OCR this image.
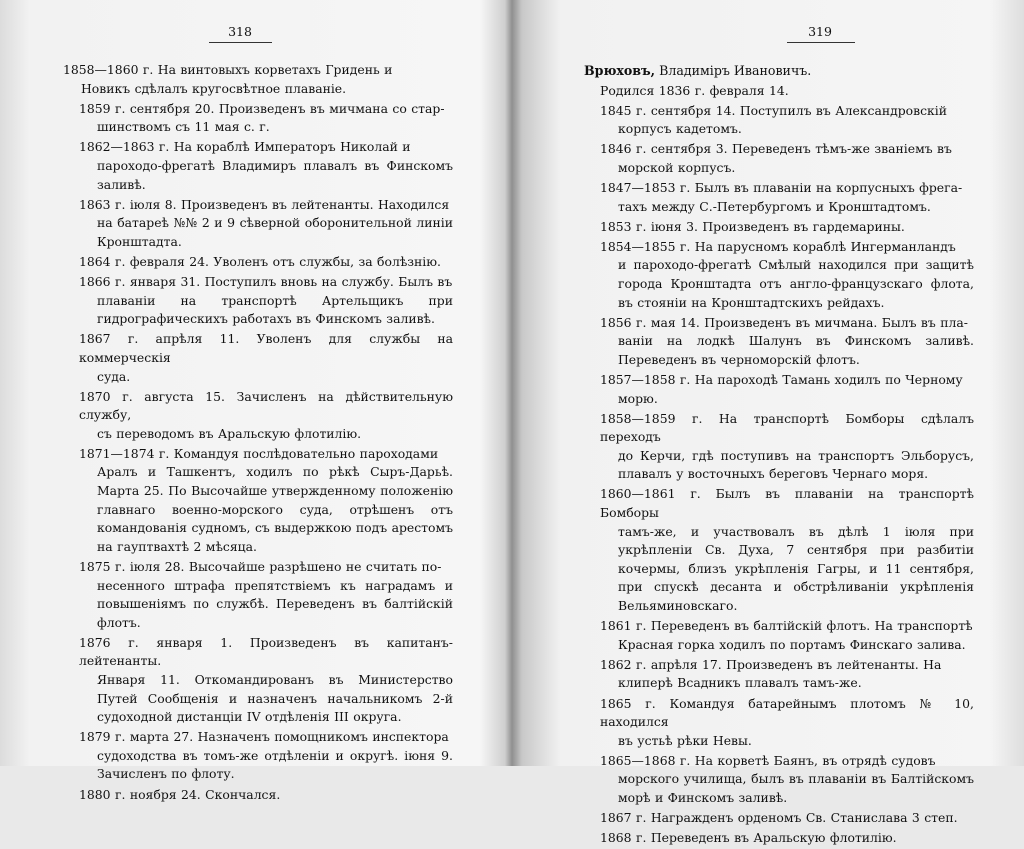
318

1858—1860 г. На винтовыхъ корветахъ Гридень и
Новикъ сдѣлалъ кругосвѣтное плаваніе.

1859 г. сентября 20. Произведенъ въ мичмана со стар-
шинствомъ съ 11 мая с. г.

1862—1863 г. На кораблѣ Императоръ Николай и
пароходо-фрегатѣ Владимиръ плавалъ въ Финскомъ заливѣ.

1863 г. іюля 8. Произведенъ въ лейтенанты. Находился
на батареѣ №№ 2 и 9 сѣверной оборонительной линіи Кронштадта.

1864 г. февраля 24. Уволенъ отъ службы, за болѣзнію.

1866 г. января 31. Поступилъ вновь на службу. Былъ въ
плаваніи на транспортѣ Артельщикъ при гидрографическихъ работахъ въ Финскомъ заливѣ.

1867 г. апрѣля 11. Уволенъ для службы на коммерческія
суда.

1870 г. августа 15. Зачисленъ на дѣйствительную службу,
съ переводомъ въ Аральскую флотилію.

1871—1874 г. Командуя послѣдовательно пароходами
Аралъ и Ташкентъ, ходилъ по рѣкѣ Сыръ-Дарьѣ. Марта 25. По Высочайше утвержденному положенію главнаго военно-морского суда, отрѣшенъ отъ командованія судномъ, съ выдержкою подъ арестомъ на гауптвахтѣ 2 мѣсяца.

1875 г. іюля 28. Высочайше разрѣшено не считать по-
несенного штрафа препятствіемъ къ наградамъ и повышеніямъ по службѣ. Переведенъ въ балтійскій флотъ.

1876 г. января 1. Произведенъ въ капитанъ-лейтенанты.
Января 11. Откомандированъ въ Министерство Путей Сообщенія и назначенъ начальникомъ 2-й судоходной дистанціи IV отдѣленія III округа.

1879 г. марта 27. Назначенъ помощникомъ инспектора
судоходства въ томъ-же отдѣленіи и округѣ. іюня 9. Зачисленъ по флоту.

1880 г. ноября 24. Скончался.

319
Врюховъ, Владиміръ Ивановичъ.

Родился 1836 г. февраля 14.

1845 г. сентября 14. Поступилъ въ Александровскій
корпусъ кадетомъ.

1846 г. сентября 3. Переведенъ тѣмъ-же званіемъ въ
морской корпусъ.

1847—1853 г. Былъ въ плаваніи на корпусныхъ фрега-
тахъ между С.-Петербургомъ и Кронштадтомъ.

1853 г. іюня 3. Произведенъ въ гардемарины.

1854—1855 г. На парусномъ кораблѣ Ингерманландъ
и пароходо-фрегатѣ Смѣлый находился при защитѣ города Кронштадта отъ англо-французскаго флота, въ стояніи на Кронштадтскихъ рейдахъ.

1856 г. мая 14. Произведенъ въ мичмана. Былъ въ пла-
ваніи на лодкѣ Шалунъ въ Финскомъ заливѣ. Переведенъ въ черноморскій флотъ.

1857—1858 г. На пароходѣ Тамань ходилъ по Черному
морю.

1858—1859 г. На транспортѣ Бомборы сдѣлалъ переходъ
до Керчи, гдѣ поступивъ на транспортъ Эльборусъ, плавалъ у восточныхъ береговъ Чернаго моря.

1860—1861 г. Былъ въ плаваніи на транспортѣ Бомборы
тамъ-же, и участвовалъ въ дѣлѣ 1 іюля при укрѣпленіи Св. Духа, 7 сентября при разбитіи кочермы, близъ укрѣпленія Гагры, и 11 сентября, при спускѣ десанта и обстрѣливаніи укрѣпленія Вельяминовскаго.

1861 г. Переведенъ въ балтійскій флотъ. На транспортѣ
Красная горка ходилъ по портамъ Финскаго залива.

1862 г. апрѣля 17. Произведенъ въ лейтенанты. На
клиперѣ Всадникъ плавалъ тамъ-же.

1865 г. Командуя батарейнымъ плотомъ № 10, находился
въ устьѣ рѣки Невы.

1865—1868 г. На корветѣ Баянъ, въ отрядѣ судовъ
морского училища, былъ въ плаваніи въ Балтійскомъ морѣ и Финскомъ заливѣ.

1867 г. Награжденъ орденомъ Св. Станислава 3 степ.

1868 г. Переведенъ въ Аральскую флотилію.
